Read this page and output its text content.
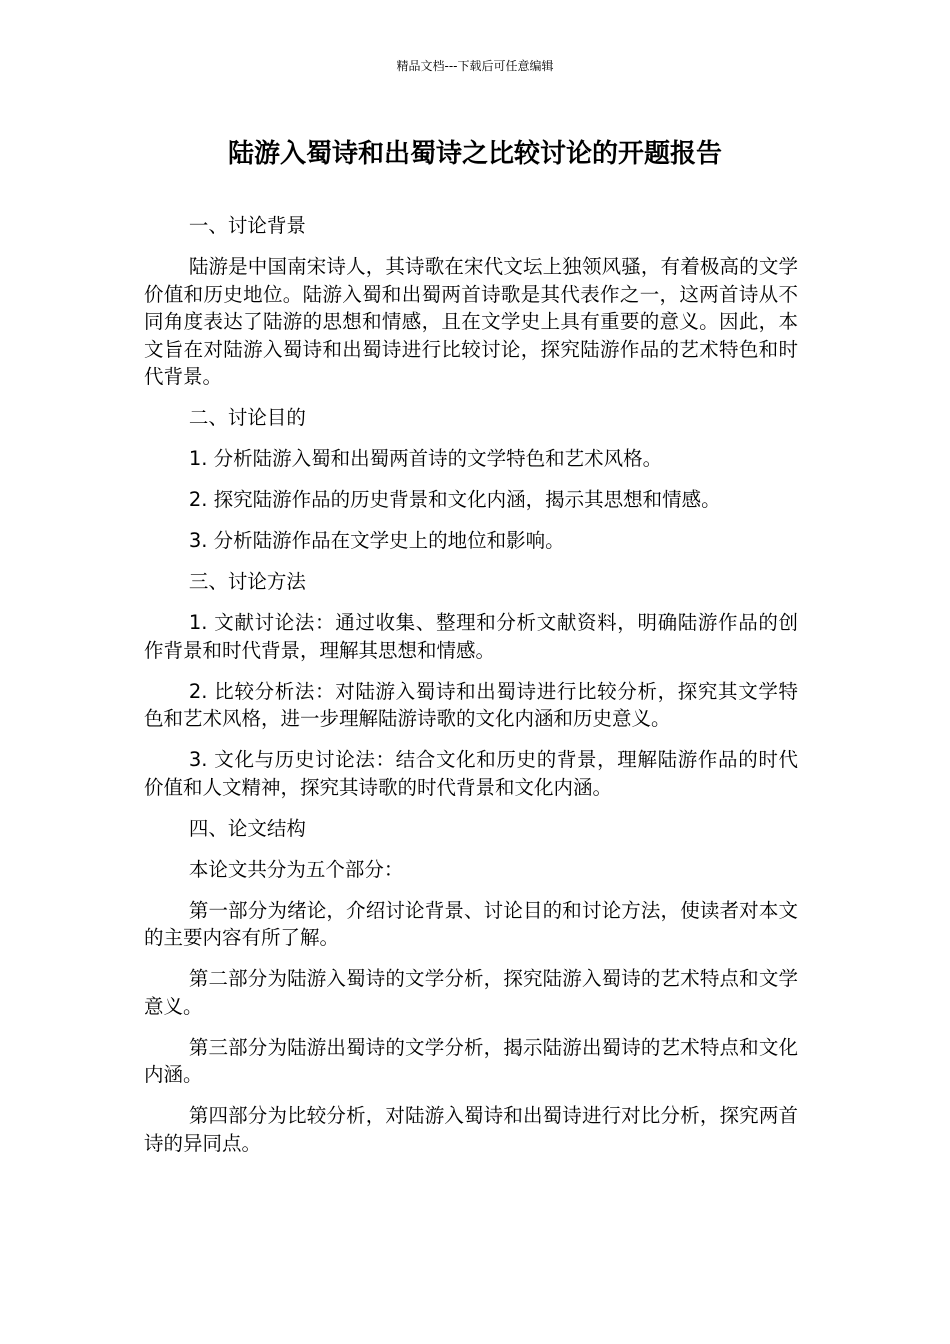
精品文档---下载后可任意编辑
陆游入蜀诗和出蜀诗之比较讨论的开题报告

一、讨论背景

陆游是中国南宋诗人，其诗歌在宋代文坛上独领风骚，有着极高的文学价值和历史地位。陆游入蜀和出蜀两首诗歌是其代表作之一，这两首诗从不同角度表达了陆游的思想和情感，且在文学史上具有重要的意义。因此，本文旨在对陆游入蜀诗和出蜀诗进行比较讨论，探究陆游作品的艺术特色和时代背景。

二、讨论目的

1. 分析陆游入蜀和出蜀两首诗的文学特色和艺术风格。

2. 探究陆游作品的历史背景和文化内涵，揭示其思想和情感。

3. 分析陆游作品在文学史上的地位和影响。

三、讨论方法

1. 文献讨论法：通过收集、整理和分析文献资料，明确陆游作品的创作背景和时代背景，理解其思想和情感。

2. 比较分析法：对陆游入蜀诗和出蜀诗进行比较分析，探究其文学特色和艺术风格，进一步理解陆游诗歌的文化内涵和历史意义。

3. 文化与历史讨论法：结合文化和历史的背景，理解陆游作品的时代价值和人文精神，探究其诗歌的时代背景和文化内涵。

四、论文结构

本论文共分为五个部分：

第一部分为绪论，介绍讨论背景、讨论目的和讨论方法，使读者对本文的主要内容有所了解。

第二部分为陆游入蜀诗的文学分析，探究陆游入蜀诗的艺术特点和文学意义。

第三部分为陆游出蜀诗的文学分析，揭示陆游出蜀诗的艺术特点和文化内涵。

第四部分为比较分析，对陆游入蜀诗和出蜀诗进行对比分析，探究两首诗的异同点。
